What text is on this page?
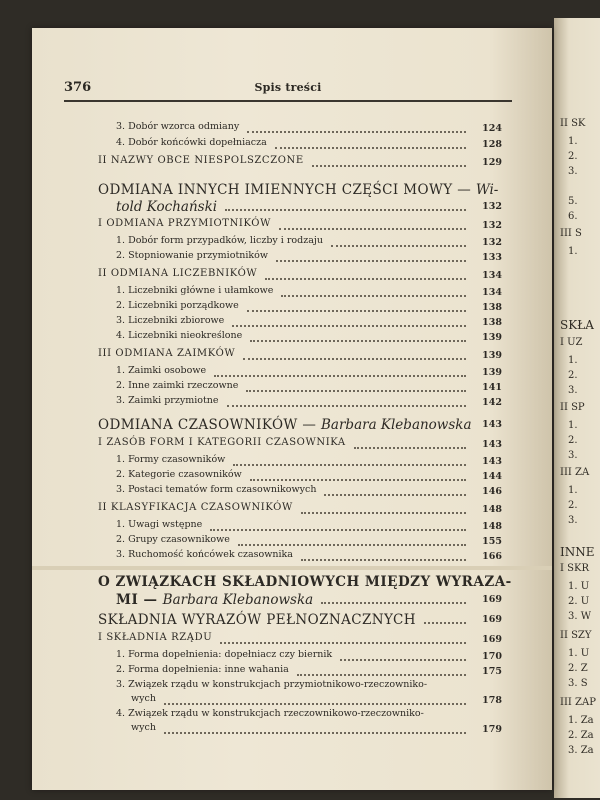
376	Spis treści
3. Dobór wzorca odmiany	124
4. Dobór końcówki dopełniacza	128
II NAZWY OBCE NIESPOLSZCZONE	129
ODMIANA INNYCH IMIENNYCH CZĘŚCI MOWY — Wi-
told Kochański	132
I ODMIANA PRZYMIOTNIKÓW	132
1. Dobór form przypadków, liczby i rodzaju	132
2. Stopniowanie przymiotników	133
II ODMIANA LICZEBNIKÓW	134
1. Liczebniki główne i ułamkowe	134
2. Liczebniki porządkowe	138
3. Liczebniki zbiorowe	138
4. Liczebniki nieokreślone	139
III ODMIANA ZAIMKÓW	139
1. Zaimki osobowe	139
2. Inne zaimki rzeczowne	141
3. Zaimki przymiotne	142
ODMIANA CZASOWNIKÓW — Barbara Klebanowska	143
I ZASÓB FORM I KATEGORII CZASOWNIKA	143
1. Formy czasowników	143
2. Kategorie czasowników	144
3. Postaci tematów form czasownikowych	146
II KLASYFIKACJA CZASOWNIKÓW	148
1. Uwagi wstępne	148
2. Grupy czasownikowe	155
3. Ruchomość końcówek czasownika	166
O ZWIĄZKACH SKŁADNIOWYCH MIĘDZY WYRAZA-
MI — Barbara Klebanowska	169
SKŁADNIA WYRAZÓW PEŁNOZNACZNYCH	169
I SKŁADNIA RZĄDU	169
1. Forma dopełnienia: dopełniacz czy biernik	170
2. Forma dopełnienia: inne wahania	175
3. Związek rządu w konstrukcjach przymiotnikowo-rzeczowniko-
wych	178
4. Związek rządu w konstrukcjach rzeczownikowo-rzeczowniko-
wych	179
II SK
1.
2.
3.
5.
6.
III S
1.
SKŁA
I UŻ
1.
2.
3.
II SP
1.
2.
3.
III ZA
1.
2.
3.
INNE
I SKR
1. U
2. U
3. W
II SZY
1. U
2. Z
3. S
III ZAP
1. Za
2. Za
3. Za
